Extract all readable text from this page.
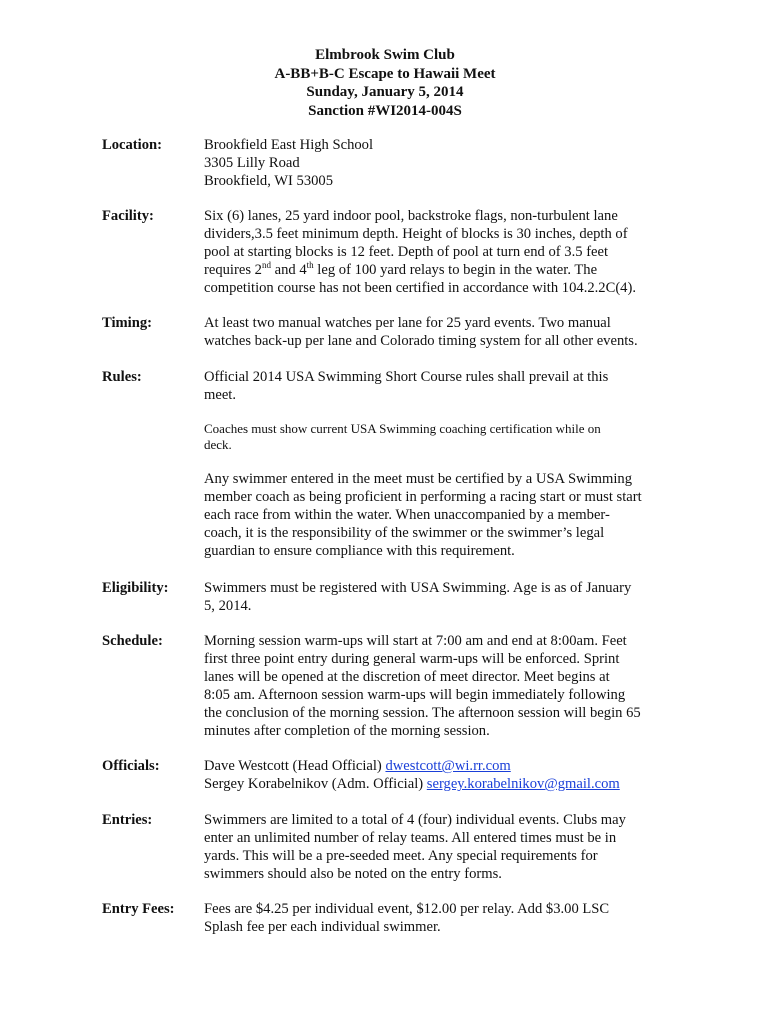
Elmbrook Swim Club
A-BB+B-C Escape to Hawaii Meet
Sunday, January 5, 2014
Sanction #WI2014-004S
Location:	Brookfield East High School
3305 Lilly Road
Brookfield, WI 53005
Facility:	Six (6) lanes, 25 yard indoor pool, backstroke flags, non-turbulent lane
dividers,3.5 feet minimum depth. Height of blocks is 30 inches, depth of
pool at starting blocks is 12 feet. Depth of pool at turn end of 3.5 feet
requires 2nd and 4th leg of 100 yard relays to begin in the water. The
competition course has not been certified in accordance with 104.2.2C(4).
Timing:	At least two manual watches per lane for 25 yard events. Two manual
watches back-up per lane and Colorado timing system for all other events.
Rules:	Official 2014 USA Swimming Short Course rules shall prevail at this
meet.
Coaches must show current USA Swimming coaching certification while on
deck.
Any swimmer entered in the meet must be certified by a USA Swimming
member coach as being proficient in performing a racing start or must start
each race from within the water. When unaccompanied by a member-
coach, it is the responsibility of the swimmer or the swimmer’s legal
guardian to ensure compliance with this requirement.
Eligibility:	Swimmers must be registered with USA Swimming. Age is as of January
5, 2014.
Schedule:	Morning session warm-ups will start at 7:00 am and end at 8:00am. Feet
first three point entry during general warm-ups will be enforced. Sprint
lanes will be opened at the discretion of meet director. Meet begins at
8:05 am. Afternoon session warm-ups will begin immediately following
the conclusion of the morning session. The afternoon session will begin 65
minutes after completion of the morning session.
Officials:	Dave Westcott (Head Official) dwestcott@wi.rr.com
Sergey Korabelnikov (Adm. Official) sergey.korabelnikov@gmail.com
Entries:	Swimmers are limited to a total of 4 (four) individual events. Clubs may
enter an unlimited number of relay teams. All entered times must be in
yards. This will be a pre-seeded meet. Any special requirements for
swimmers should also be noted on the entry forms.
Entry Fees:	Fees are $4.25 per individual event, $12.00 per relay. Add $3.00 LSC
Splash fee per each individual swimmer.
